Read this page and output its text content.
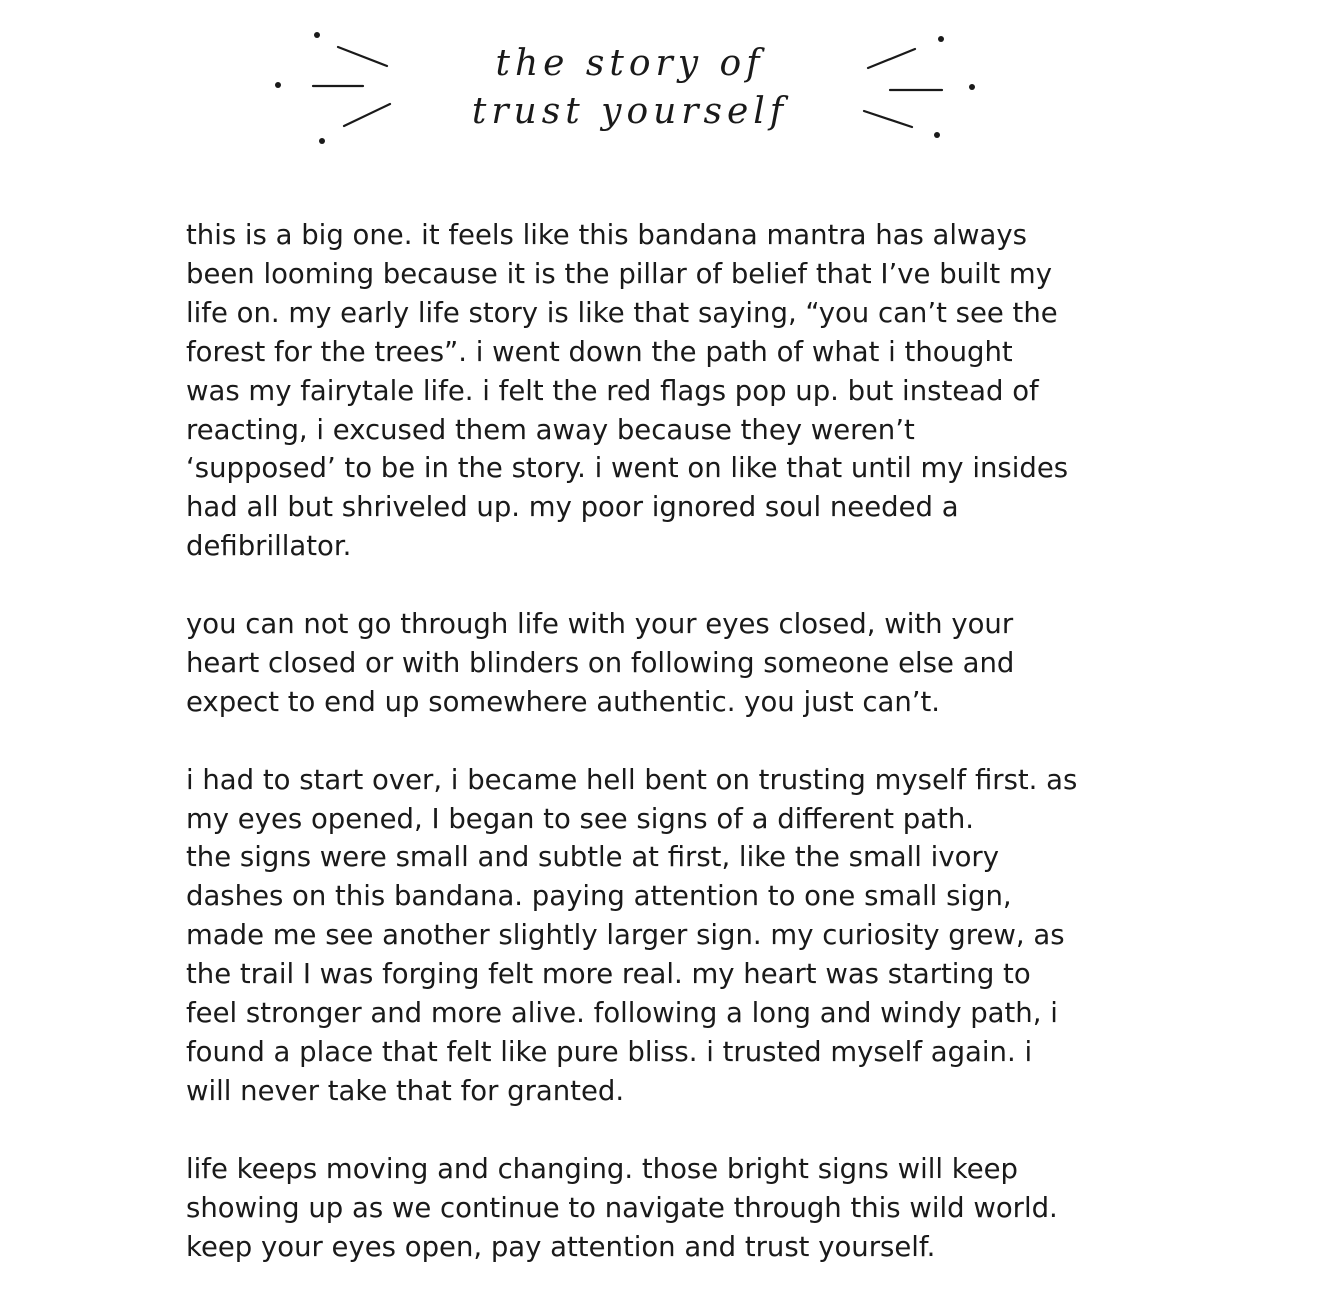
the story of
trust yourself

this is a big one. it feels like this bandana mantra has always
been looming because it is the pillar of belief that I’ve built my
life on. my early life story is like that saying, “you can’t see the
forest for the trees”. i went down the path of what i thought
was my fairytale life. i felt the red flags pop up. but instead of
reacting, i excused them away because they weren’t
‘supposed’ to be in the story. i went on like that until my insides
had all but shriveled up. my poor ignored soul needed a
defibrillator.

you can not go through life with your eyes closed, with your
heart closed or with blinders on following someone else and
expect to end up somewhere authentic. you just can’t.

i had to start over, i became hell bent on trusting myself first. as
my eyes opened, I began to see signs of a different path.
the signs were small and subtle at first, like the small ivory
dashes on this bandana. paying attention to one small sign,
made me see another slightly larger sign. my curiosity grew, as
the trail I was forging felt more real. my heart was starting to
feel stronger and more alive. following a long and windy path, i
found a place that felt like pure bliss. i trusted myself again. i
will never take that for granted.

life keeps moving and changing. those bright signs will keep
showing up as we continue to navigate through this wild world.
keep your eyes open, pay attention and trust yourself.
